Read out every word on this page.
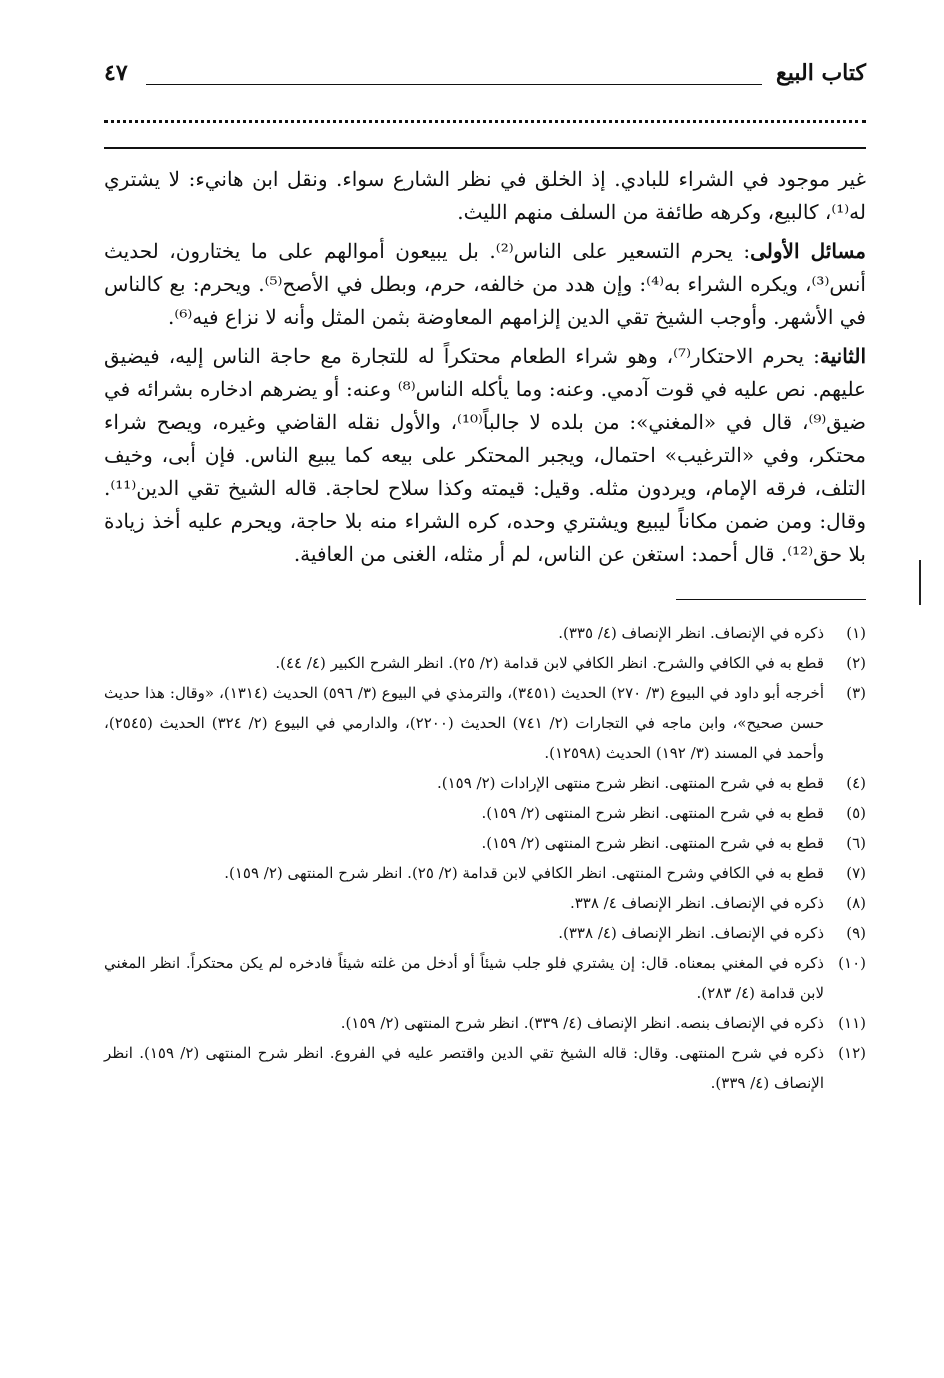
كتاب البيع
٤٧

غير موجود في الشراء للبادي. إذ الخلق في نظر الشارع سواء. ونقل ابن هانيء: لا يشتري له⁽¹⁾، كالبيع، وكرهه طائفة من السلف منهم الليث.

مسائل الأولى: يحرم التسعير على الناس⁽²⁾. بل يبيعون أموالهم على ما يختارون، لحديث أنس⁽³⁾، ويكره الشراء به⁽⁴⁾: وإن هدد من خالفه، حرم، وبطل في الأصح⁽⁵⁾. ويحرم: بع كالناس في الأشهر. وأوجب الشيخ تقي الدين إلزامهم المعاوضة بثمن المثل وأنه لا نزاع فيه⁽⁶⁾.

الثانية: يحرم الاحتكار⁽⁷⁾، وهو شراء الطعام محتكراً له للتجارة مع حاجة الناس إليه، فيضيق عليهم. نص عليه في قوت آدمي. وعنه: وما يأكله الناس⁽⁸⁾ وعنه: أو يضرهم ادخاره بشرائه في ضيق⁽⁹⁾، قال في «المغني»: من بلده لا جالباً⁽¹⁰⁾، والأول نقله القاضي وغيره، ويصح شراء محتكر، وفي «الترغيب» احتمال، ويجبر المحتكر على بيعه كما يبيع الناس. فإن أبى، وخيف التلف، فرقه الإمام، ويردون مثله. وقيل: قيمته وكذا سلاح لحاجة. قاله الشيخ تقي الدين⁽¹¹⁾. وقال: ومن ضمن مكاناً ليبيع ويشتري وحده، كره الشراء منه بلا حاجة، ويحرم عليه أخذ زيادة بلا حق⁽¹²⁾. قال أحمد: استغن عن الناس، لم أر مثله، الغنى من العافية.

(١)
ذكره في الإنصاف. انظر الإنصاف (٤/ ٣٣٥).
(٢)
قطع به في الكافي والشرح. انظر الكافي لابن قدامة (٢/ ٢٥). انظر الشرح الكبير (٤/ ٤٤).
(٣)
أخرجه أبو داود في البيوع (٣/ ٢٧٠) الحديث (٣٤٥١)، والترمذي في البيوع (٣/ ٥٩٦) الحديث (١٣١٤)، «وقال: هذا حديث حسن صحيح»، وابن ماجه في التجارات (٢/ ٧٤١) الحديث (٢٢٠٠)، والدارمي في البيوع (٢/ ٣٢٤) الحديث (٢٥٤٥)، وأحمد في المسند (٣/ ١٩٢) الحديث (١٢٥٩٨).
(٤)
قطع به في شرح المنتهى. انظر شرح منتهى الإرادات (٢/ ١٥٩).
(٥)
قطع به في شرح المنتهى. انظر شرح المنتهى (٢/ ١٥٩).
(٦)
قطع به في شرح المنتهى. انظر شرح المنتهى (٢/ ١٥٩).
(٧)
قطع به في الكافي وشرح المنتهى. انظر الكافي لابن قدامة (٢/ ٢٥). انظر شرح المنتهى (٢/ ١٥٩).
(٨)
ذكره في الإنصاف. انظر الإنصاف ٤/ ٣٣٨.
(٩)
ذكره في الإنصاف. انظر الإنصاف (٤/ ٣٣٨).
(١٠)
ذكره في المغني بمعناه. قال: إن يشتري فلو جلب شيئاً أو أدخل من غلته شيئاً فادخره لم يكن محتكراً. انظر المغني لابن قدامة (٤/ ٢٨٣).
(١١)
ذكره في الإنصاف بنصه. انظر الإنصاف (٤/ ٣٣٩). انظر شرح المنتهى (٢/ ١٥٩).
(١٢)
ذكره في شرح المنتهى. وقال: قاله الشيخ تقي الدين واقتصر عليه في الفروع. انظر شرح المنتهى (٢/ ١٥٩). انظر الإنصاف (٤/ ٣٣٩).
